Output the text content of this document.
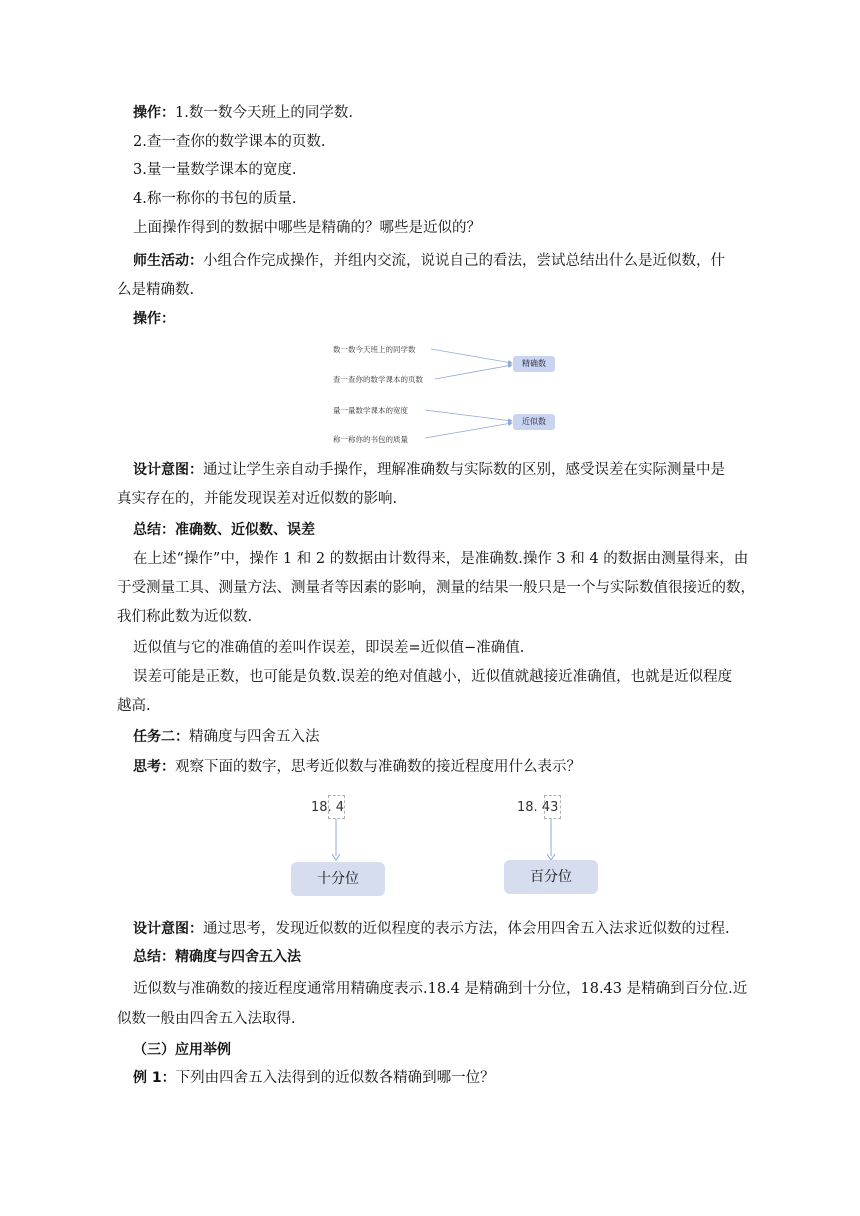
操作：1.数一数今天班上的同学数.
2.查一查你的数学课本的页数.
3.量一量数学课本的宽度.
4.称一称你的书包的质量.
上面操作得到的数据中哪些是精确的？哪些是近似的？
师生活动：小组合作完成操作，并组内交流，说说自己的看法，尝试总结出什么是近似数，什
么是精确数.
操作：
数一数今天班上的同学数
查一查你的数学课本的页数
量一量数学课本的宽度
称一称你的书包的质量
精确数
近似数
设计意图：通过让学生亲自动手操作，理解准确数与实际数的区别，感受误差在实际测量中是
真实存在的，并能发现误差对近似数的影响.
总结：准确数、近似数、误差
在上述“操作”中，操作 1 和 2 的数据由计数得来，是准确数.操作 3 和 4 的数据由测量得来，由
于受测量工具、测量方法、测量者等因素的影响，测量的结果一般只是一个与实际数值很接近的数，
我们称此数为近似数.
近似值与它的准确值的差叫作误差，即误差=近似值−准确值.
误差可能是正数，也可能是负数.误差的绝对值越小，近似值就越接近准确值，也就是近似程度
越高.
任务二：精确度与四舍五入法
思考：观察下面的数字，思考近似数与准确数的接近程度用什么表示？
18. 4	18. 43
十分位	百分位
设计意图：通过思考，发现近似数的近似程度的表示方法，体会用四舍五入法求近似数的过程.
总结：精确度与四舍五入法
近似数与准确数的接近程度通常用精确度表示.18.4 是精确到十分位，18.43 是精确到百分位.近
似数一般由四舍五入法取得.
（三）应用举例
例 1：下列由四舍五入法得到的近似数各精确到哪一位？
